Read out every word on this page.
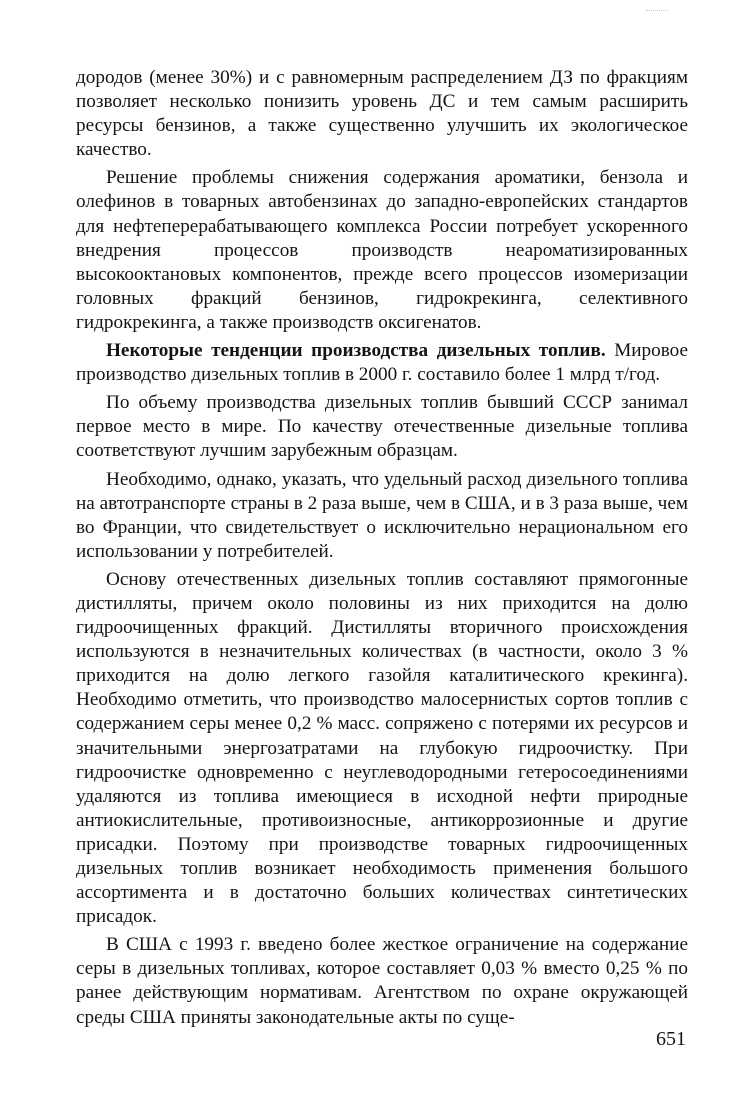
дородов (менее 30%) и с равномерным распределением ДЗ по фракциям позволяет несколько понизить уровень ДС и тем самым расширить ресурсы бензинов, а также существенно улучшить их экологическое качество.

Решение проблемы снижения содержания ароматики, бензола и олефинов в товарных автобензинах до западно-европейских стандартов для нефтеперерабатывающего комплекса России потребует ускоренного внедрения процессов производств неароматизированных высокооктановых компонентов, прежде всего процессов изомеризации головных фракций бензинов, гидрокрекинга, селективного гидрокрекинга, а также производств оксигенатов.

Некоторые тенденции производства дизельных топлив. Мировое производство дизельных топлив в 2000 г. составило более 1 млрд т/год.

По объему производства дизельных топлив бывший СССР занимал первое место в мире. По качеству отечественные дизельные топлива соответствуют лучшим зарубежным образцам.

Необходимо, однако, указать, что удельный расход дизельного топлива на автотранспорте страны в 2 раза выше, чем в США, и в 3 раза выше, чем во Франции, что свидетельствует о исключительно нерациональном его использовании у потребителей.

Основу отечественных дизельных топлив составляют прямогонные дистилляты, причем около половины из них приходится на долю гидроочищенных фракций. Дистилляты вторичного происхождения используются в незначительных количествах (в частности, около 3 % приходится на долю легкого газойля каталитического крекинга). Необходимо отметить, что производство малосернистых сортов топлив с содержанием серы менее 0,2 % масс. сопряжено с потерями их ресурсов и значительными энергозатратами на глубокую гидроочистку. При гидроочистке одновременно с неуглеводородными гетеросоединениями удаляются из топлива имеющиеся в исходной нефти природные антиокислительные, противоизносные, антикоррозионные и другие присадки. Поэтому при производстве товарных гидроочищенных дизельных топлив возникает необходимость применения большого ассортимента и в достаточно больших количествах синтетических присадок.

В США с 1993 г. введено более жесткое ограничение на содержание серы в дизельных топливах, которое составляет 0,03 % вместо 0,25 % по ранее действующим нормативам. Агентством по охране окружающей среды США приняты законодательные акты по суще-

651
